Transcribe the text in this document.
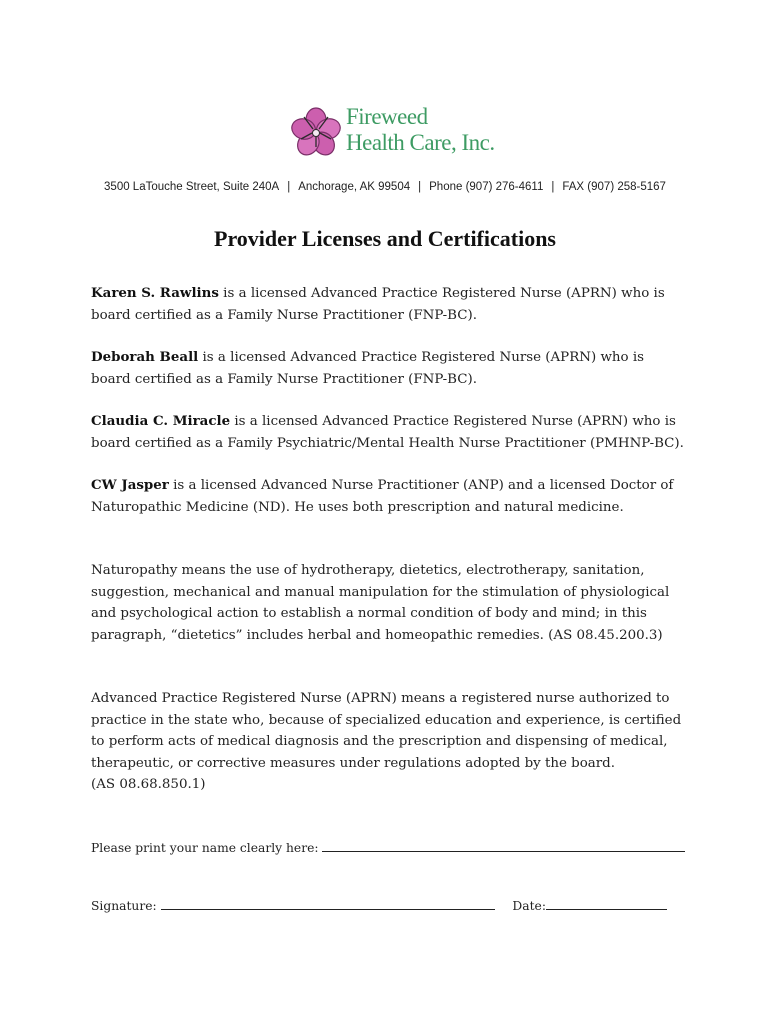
Fireweed
Health Care, Inc.
3500 LaTouche Street, Suite 240A | Anchorage, AK 99504 | Phone (907) 276-4611 | FAX (907) 258-5167
Provider Licenses and Certifications
Karen S. Rawlins is a licensed Advanced Practice Registered Nurse (APRN) who is board certified as a Family Nurse Practitioner (FNP-BC).
Deborah Beall is a licensed Advanced Practice Registered Nurse (APRN) who is board certified as a Family Nurse Practitioner (FNP-BC).
Claudia C. Miracle is a licensed Advanced Practice Registered Nurse (APRN) who is board certified as a Family Psychiatric/Mental Health Nurse Practitioner (PMHNP-BC).
CW Jasper is a licensed Advanced Nurse Practitioner (ANP) and a licensed Doctor of Naturopathic Medicine (ND). He uses both prescription and natural medicine.
Naturopathy means the use of hydrotherapy, dietetics, electrotherapy, sanitation, suggestion, mechanical and manual manipulation for the stimulation of physiological and psychological action to establish a normal condition of body and mind; in this paragraph, “dietetics” includes herbal and homeopathic remedies. (AS 08.45.200.3)
Advanced Practice Registered Nurse (APRN) means a registered nurse authorized to practice in the state who, because of specialized education and experience, is certified to perform acts of medical diagnosis and the prescription and dispensing of medical, therapeutic, or corrective measures under regulations adopted by the board.
(AS 08.68.850.1)
Please print your name clearly here:
Signature:	Date:
